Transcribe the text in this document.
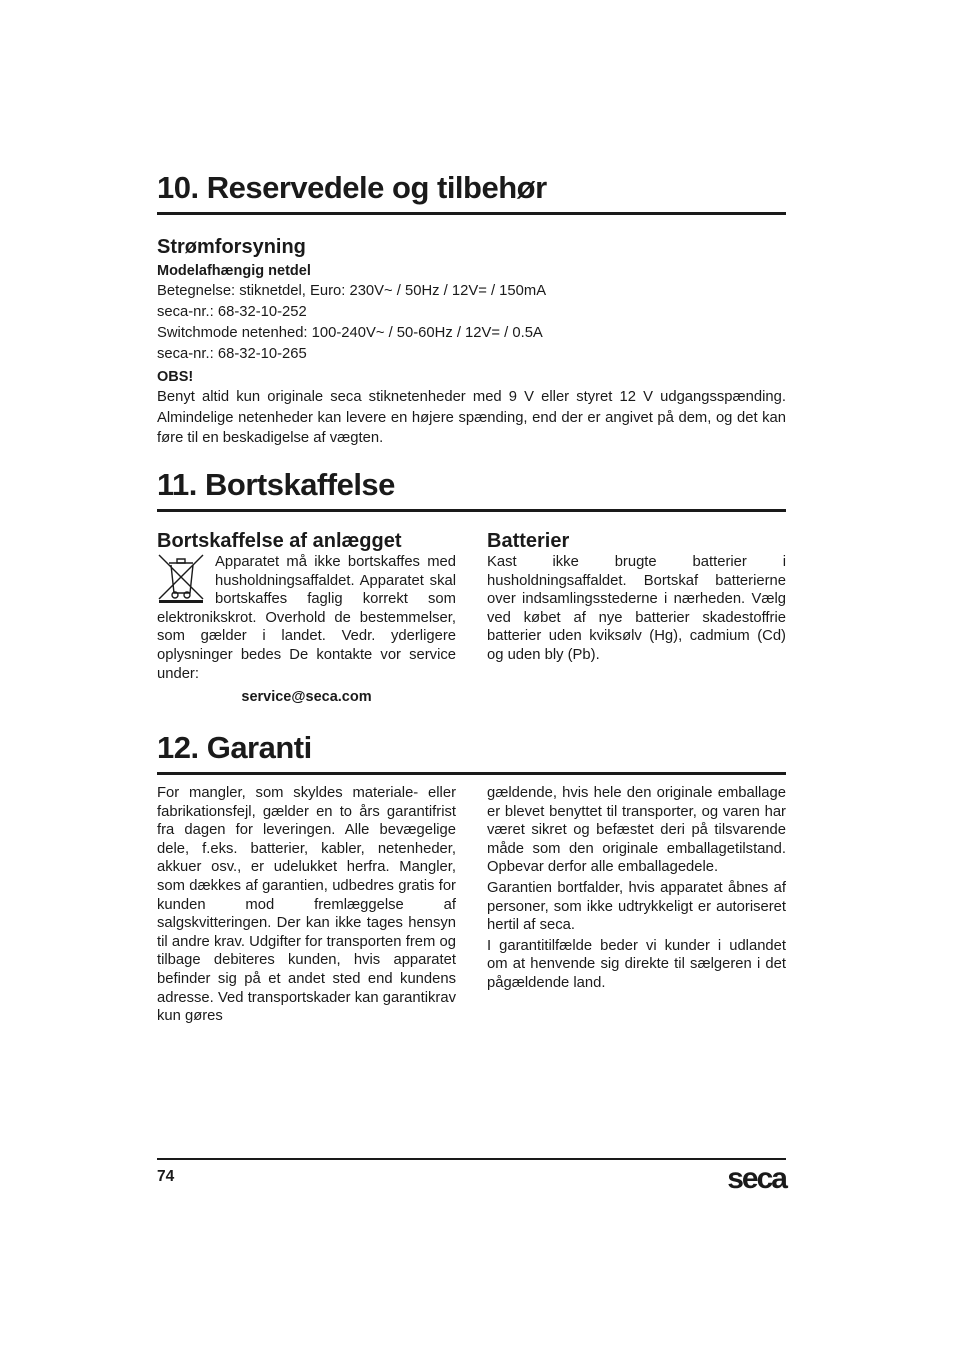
10. Reservedele og tilbehør
Strømforsyning
Modelafhængig netdel

Betegnelse: stiknetdel, Euro: 230V~ / 50Hz / 12V= / 150mA

seca-nr.: 68-32-10-252

Switchmode netenhed: 100-240V~ / 50-60Hz / 12V= / 0.5A

seca-nr.: 68-32-10-265

OBS!

Benyt altid kun originale seca stiknetenheder med 9 V eller styret 12 V udgangsspænding. Almindelige netenheder kan levere en højere spænding, end der er angivet på dem, og det kan føre til en beskadigelse af vægten.

11. Bortskaffelse
Bortskaffelse af anlægget

Apparatet må ikke bortskaffes med husholdningsaffaldet. Apparatet skal bortskaffes faglig korrekt som elektronikskrot. Overhold de bestemmelser, som gælder i landet. Vedr. yderligere oplysninger bedes De kontakte vor service under:

service@seca.com
Batterier

Kast ikke brugte batterier i husholdningsaffaldet. Bortskaf batterierne over indsamlingsstederne i nærheden. Vælg ved købet af nye batterier skadestoffrie batterier uden kviksølv (Hg), cadmium (Cd) og uden bly (Pb).

12. Garanti

For mangler, som skyldes materiale- eller fabrikationsfejl, gælder en to års garantifrist fra dagen for leveringen. Alle bevægelige dele, f.eks. batterier, kabler, netenheder, akkuer osv., er udelukket herfra. Mangler, som dækkes af garantien, udbedres gratis for kunden mod fremlæggelse af salgskvitteringen. Der kan ikke tages hensyn til andre krav. Udgifter for transporten frem og tilbage debiteres kunden, hvis apparatet befinder sig på et andet sted end kundens adresse. Ved transportskader kan garantikrav kun gøres

gældende, hvis hele den originale emballage er blevet benyttet til transporter, og varen har været sikret og befæstet deri på tilsvarende måde som den originale emballagetilstand. Opbevar derfor alle emballagedele.

Garantien bortfalder, hvis apparatet åbnes af personer, som ikke udtrykkeligt er autoriseret hertil af seca.

I garantitilfælde beder vi kunder i udlandet om at henvende sig direkte til sælgeren i det pågældende land.

74	seca
